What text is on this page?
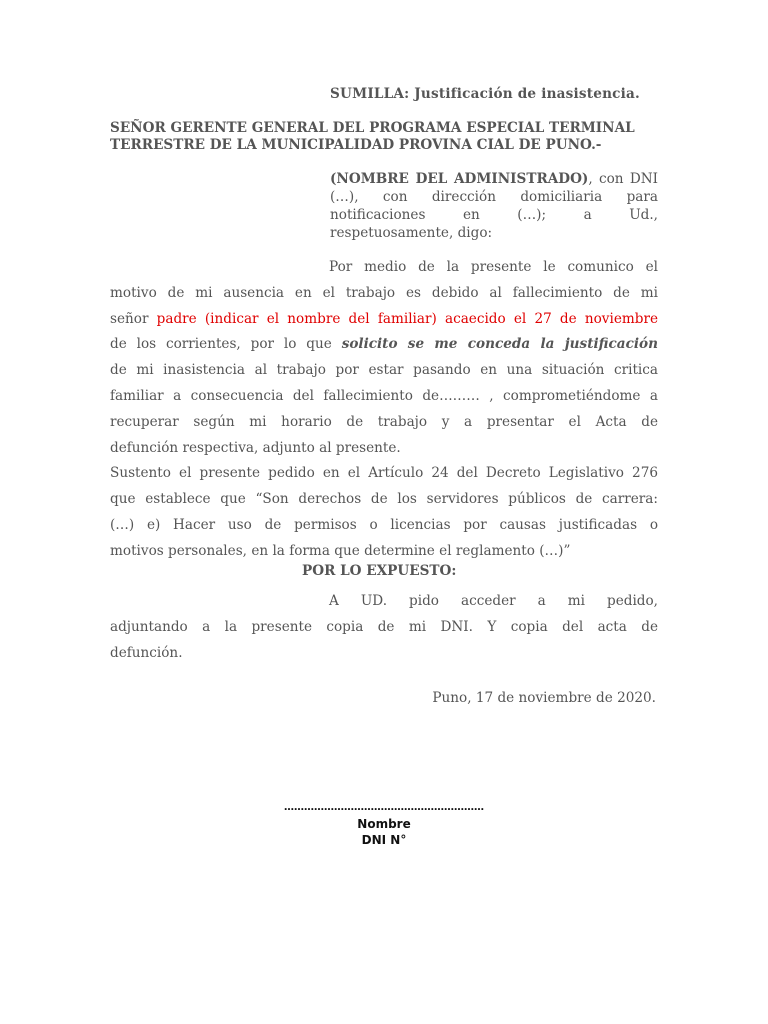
SUMILLA: Justificación de inasistencia.
SEÑOR GERENTE GENERAL DEL PROGRAMA ESPECIAL TERMINAL
TERRESTRE DE LA MUNICIPALIDAD PROVINA CIAL DE PUNO.-
(NOMBRE DEL ADMINISTRADO), con DNI
(…), con dirección domiciliaria para
notificaciones en (…); a Ud.,
respetuosamente, digo:
Por medio de la presente le comunico el
motivo de mi ausencia en el trabajo es debido al fallecimiento de mi
señor padre (indicar el nombre del familiar) acaecido el 27 de noviembre
de los corrientes, por lo que solicito se me conceda la justificación
de mi inasistencia al trabajo por estar pasando en una situación critica
familiar a consecuencia del fallecimiento de……… , comprometiéndome a
recuperar según mi horario de trabajo y a presentar el Acta de
defunción respectiva, adjunto al presente.
Sustento el presente pedido en el Artículo 24 del Decreto Legislativo 276
que establece que “Son derechos de los servidores públicos de carrera:
(…) e) Hacer uso de permisos o licencias por causas justificadas o
motivos personales, en la forma que determine el reglamento (…)”
POR LO EXPUESTO:
A UD. pido acceder a mi pedido,
adjuntando a la presente copia de mi DNI. Y copia del acta de
defunción.
Puno, 17 de noviembre de 2020.
……………………………………………………
Nombre
DNI N°
